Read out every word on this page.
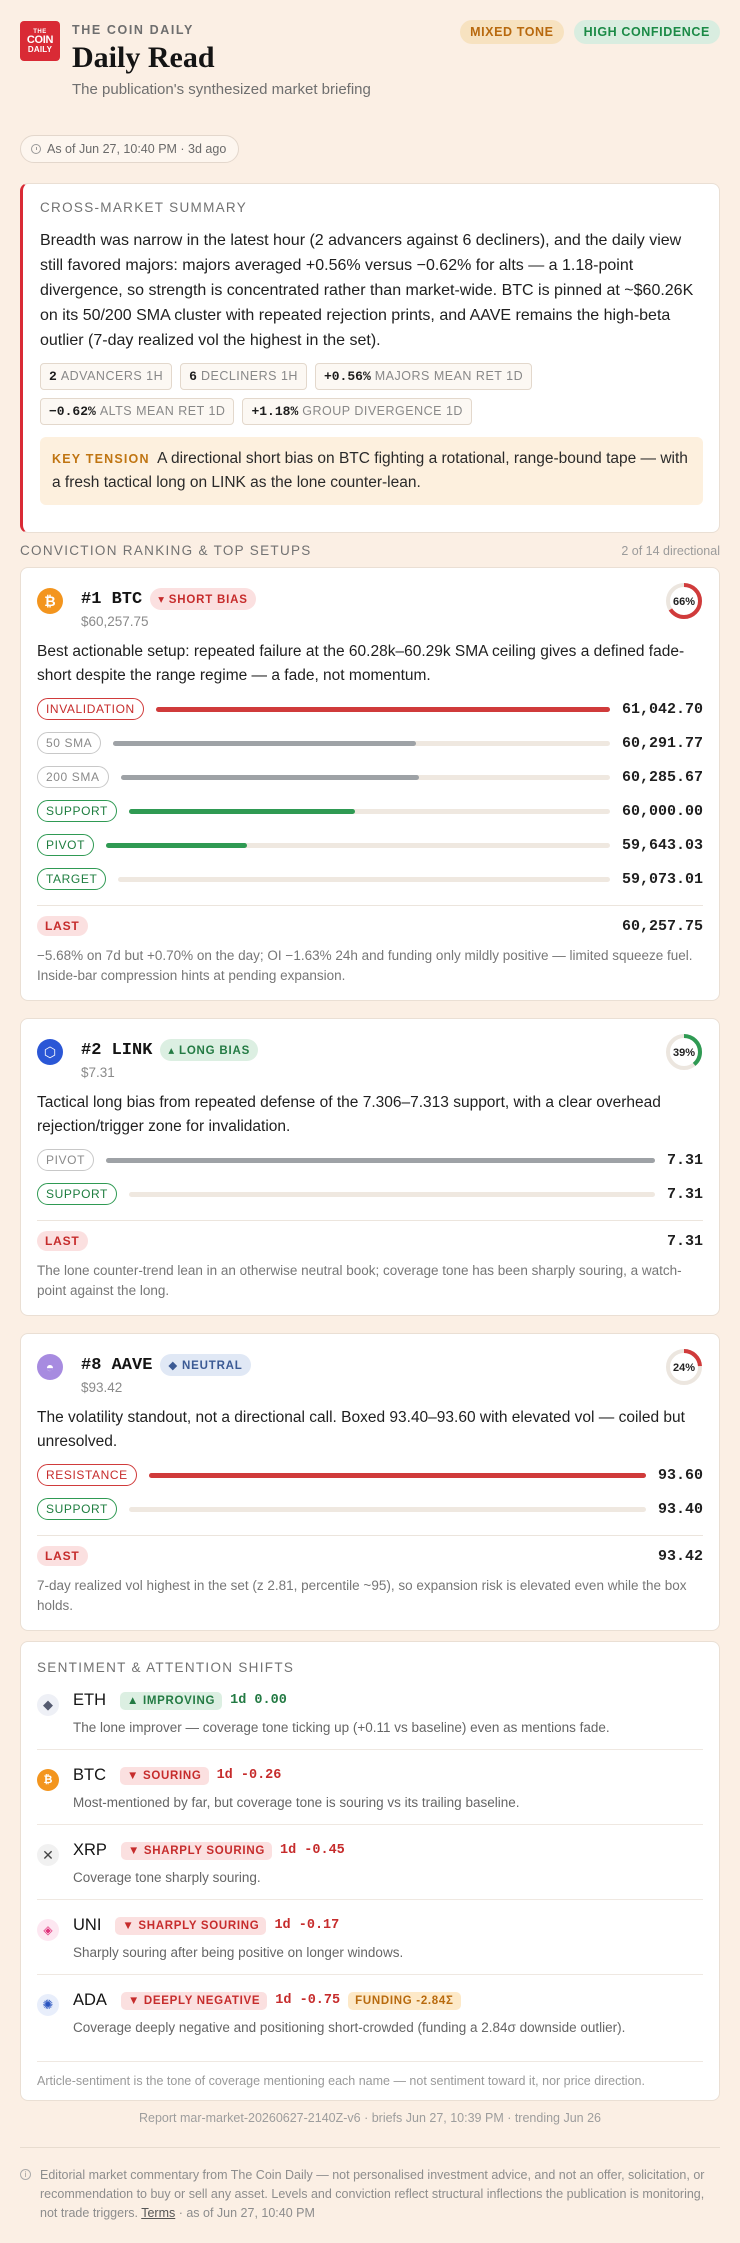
THE
COIN
DAILY
THE COIN DAILY
Daily Read
The publication's synthesized market briefing
MIXED TONE	HIGH CONFIDENCE
As of Jun 27, 10:40 PM · 3d ago
CROSS-MARKET SUMMARY

Breadth was narrow in the latest hour (2 advancers against 6 decliners), and the daily view still favored majors: majors averaged +0.56% versus −0.62% for alts — a 1.18-point divergence, so strength is concentrated rather than market-wide. BTC is pinned at ~$60.26K on its 50/200 SMA cluster with repeated rejection prints, and AAVE remains the high-beta outlier (7-day realized vol the highest in the set).

2 ADVANCERS 1H	6 DECLINERS 1H	+0.56% MAJORS MEAN RET 1D
−0.62% ALTS MEAN RET 1D	+1.18% GROUP DIVERGENCE 1D
KEY TENSION A directional short bias on BTC fighting a rotational, range-bound tape — with a fresh tactical long on LINK as the lone counter-lean.
CONVICTION RANKING & TOP SETUPS	2 of 14 directional
₿	#1 BTC	▾ SHORT BIAS
$60,257.75
66%

Best actionable setup: repeated failure at the 60.28k–60.29k SMA ceiling gives a defined fade-short despite the range regime — a fade, not momentum.

INVALIDATION	61,042.70
50 SMA	60,291.77
200 SMA	60,285.67
SUPPORT	60,000.00
PIVOT	59,643.03
TARGET	59,073.01
LAST	60,257.75

−5.68% on 7d but +0.70% on the day; OI −1.63% 24h and funding only mildly positive — limited squeeze fuel. Inside-bar compression hints at pending expansion.

⬡	#2 LINK	▴ LONG BIAS
$7.31
39%

Tactical long bias from repeated defense of the 7.306–7.313 support, with a clear overhead rejection/trigger zone for invalidation.

PIVOT	7.31
SUPPORT	7.31
LAST	7.31

The lone counter-trend lean in an otherwise neutral book; coverage tone has been sharply souring, a watch-point against the long.

◓	#8 AAVE	◆ NEUTRAL
$93.42
24%

The volatility standout, not a directional call. Boxed 93.40–93.60 with elevated vol — coiled but unresolved.

RESISTANCE	93.60
SUPPORT	93.40
LAST	93.42

7-day realized vol highest in the set (z 2.81, percentile ~95), so expansion risk is elevated even while the box holds.

SENTIMENT & ATTENTION SHIFTS
◆	ETH	▲ IMPROVING	1d 0.00
The lone improver — coverage tone ticking up (+0.11 vs baseline) even as mentions fade.
₿	BTC	▼ SOURING	1d -0.26
Most-mentioned by far, but coverage tone is souring vs its trailing baseline.
✕	XRP	▼ SHARPLY SOURING	1d -0.45
Coverage tone sharply souring.
◈	UNI	▼ SHARPLY SOURING	1d -0.17
Sharply souring after being positive on longer windows.
✺	ADA	▼ DEEPLY NEGATIVE	1d -0.75	FUNDING -2.84Σ
Coverage deeply negative and positioning short-crowded (funding a 2.84σ downside outlier).
Article-sentiment is the tone of coverage mentioning each name — not sentiment toward it, nor price direction.
Report mar-market-20260627-2140Z-v6 · briefs Jun 27, 10:39 PM · trending Jun 26
i	Editorial market commentary from The Coin Daily — not personalised investment advice, and not an offer, solicitation, or recommendation to buy or sell any asset. Levels and conviction reflect structural inflections the publication is monitoring, not trade triggers. Terms · as of Jun 27, 10:40 PM
